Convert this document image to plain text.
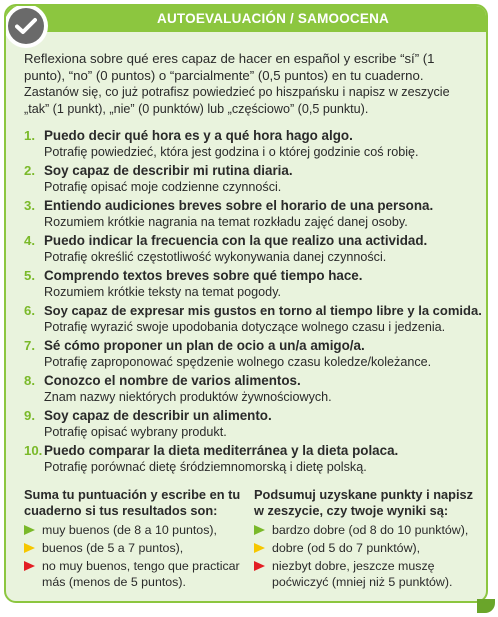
AUTOEVALUACIÓN / SAMOOCENA

Reflexiona sobre qué eres capaz de hacer en español y escribe “sí” (1 punto), “no” (0 puntos) o “parcialmente” (0,5 puntos) en tu cuaderno.

Zastanów się, co już potrafisz powiedzieć po hiszpańsku i napisz w zeszycie „tak” (1 punkt), „nie” (0 punktów) lub „częściowo” (0,5 punktu).

1. Puedo decir qué hora es y a qué hora hago algo.
Potrafię powiedzieć, która jest godzina i o której godzinie coś robię.
2. Soy capaz de describir mi rutina diaria.
Potrafię opisać moje codzienne czynności.
3. Entiendo audiciones breves sobre el horario de una persona.
Rozumiem krótkie nagrania na temat rozkładu zajęć danej osoby.
4. Puedo indicar la frecuencia con la que realizo una actividad.
Potrafię określić częstotliwość wykonywania danej czynności.
5. Comprendo textos breves sobre qué tiempo hace.
Rozumiem krótkie teksty na temat pogody.
6. Soy capaz de expresar mis gustos en torno al tiempo libre y la comida.
Potrafię wyrazić swoje upodobania dotyczące wolnego czasu i jedzenia.
7. Sé cómo proponer un plan de ocio a un/a amigo/a.
Potrafię zaproponować spędzenie wolnego czasu koledze/koleżance.
8. Conozco el nombre de varios alimentos.
Znam nazwy niektórych produktów żywnościowych.
9. Soy capaz de describir un alimento.
Potrafię opisać wybrany produkt.
10. Puedo comparar la dieta mediterránea y la dieta polaca.
Potrafię porównać dietę śródziemnomorską i dietę polską.
Suma tu puntuación y escribe en tu cuaderno si tus resultados son:
muy buenos (de 8 a 10 puntos),
buenos (de 5 a 7 puntos),
no muy buenos, tengo que practicar más (menos de 5 puntos).
Podsumuj uzyskane punkty i napisz w zeszycie, czy twoje wyniki są:
bardzo dobre (od 8 do 10 punktów),
dobre (od 5 do 7 punktów),
niezbyt dobre, jeszcze muszę poćwiczyć (mniej niż 5 punktów).
